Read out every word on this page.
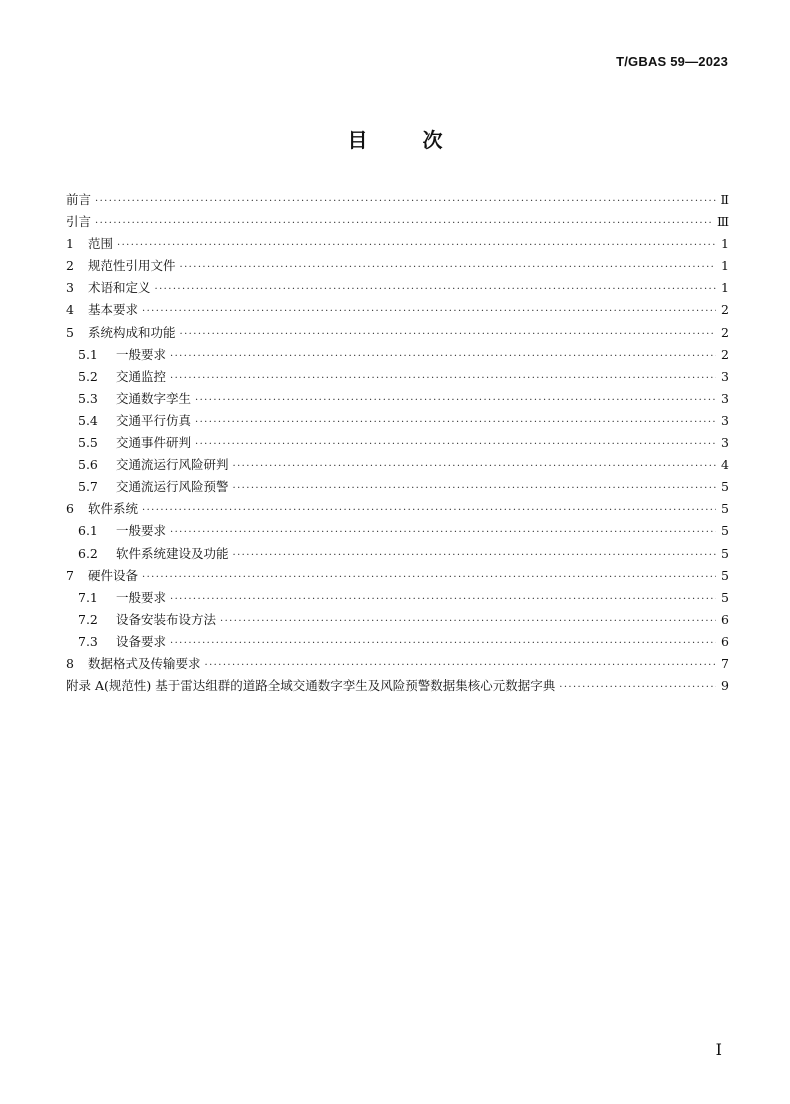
T/GBAS 59—2023
目 次
前言 ·····	Ⅱ
引言 ·····	Ⅲ
1 范围 ·····	1
2 规范性引用文件 ·····	1
3 术语和定义 ·····	1
4 基本要求 ·····	2
5 系统构成和功能 ·····	2
5.1 一般要求 ·····	2
5.2 交通监控 ·····	3
5.3 交通数字孪生 ·····	3
5.4 交通平行仿真 ·····	3
5.5 交通事件研判 ·····	3
5.6 交通流运行风险研判 ·····	4
5.7 交通流运行风险预警 ·····	5
6 软件系统 ·····	5
6.1 一般要求 ·····	5
6.2 软件系统建设及功能 ·····	5
7 硬件设备 ·····	5
7.1 一般要求 ·····	5
7.2 设备安装布设方法 ·····	6
7.3 设备要求 ·····	6
8 数据格式及传输要求 ·····	7
附录 A(规范性) 基于雷达组群的道路全域交通数字孪生及风险预警数据集核心元数据字典 ·····	9
I
